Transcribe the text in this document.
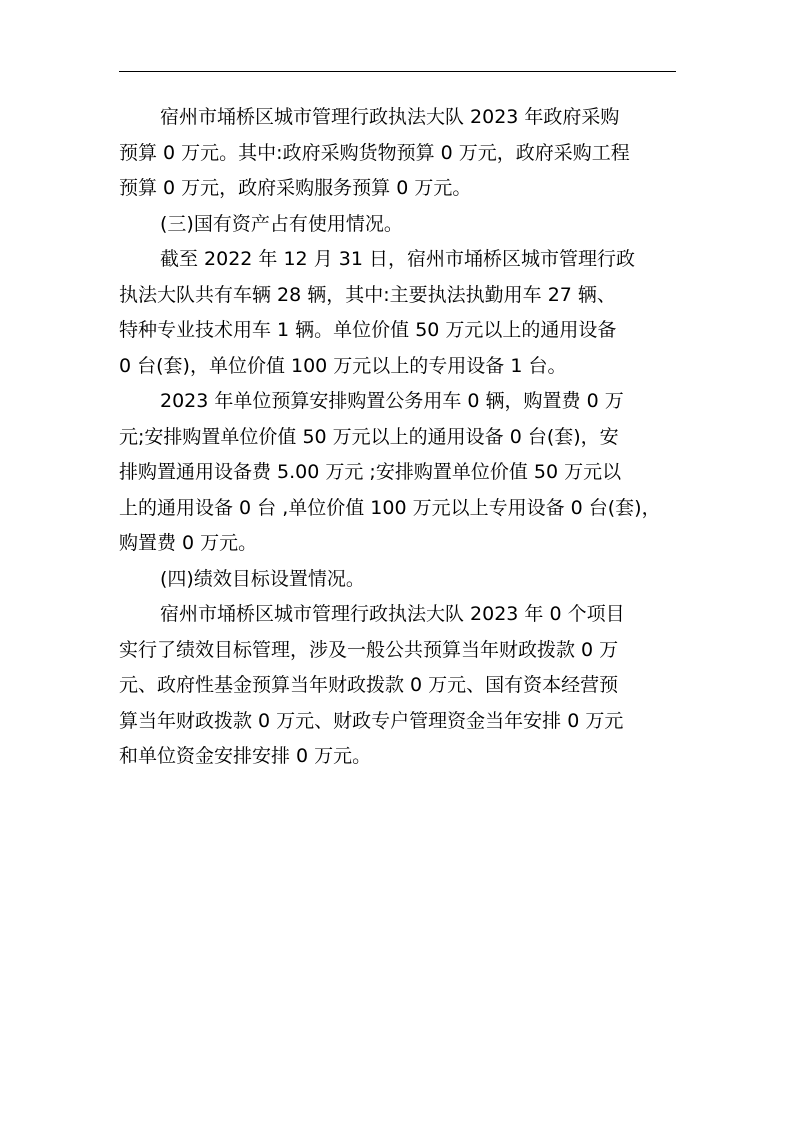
宿州市埇桥区城市管理行政执法大队 2023 年政府采购
预算 0 万元。其中:政府采购货物预算 0 万元，政府采购工程
预算 0 万元，政府采购服务预算 0 万元。
(三)国有资产占有使用情况。
截至 2022 年 12 月 31 日，宿州市埇桥区城市管理行政
执法大队共有车辆 28 辆，其中:主要执法执勤用车 27 辆、
特种专业技术用车 1 辆。单位价值 50 万元以上的通用设备
0 台(套)，单位价值 100 万元以上的专用设备 1 台。
2023 年单位预算安排购置公务用车 0 辆，购置费 0 万
元;安排购置单位价值 50 万元以上的通用设备 0 台(套)，安
排购置通用设备费 5.00 万元 ;安排购置单位价值 50 万元以
上的通用设备 0 台 ,单位价值 100 万元以上专用设备 0 台(套)，
购置费 0 万元。
(四)绩效目标设置情况。
宿州市埇桥区城市管理行政执法大队 2023 年 0 个项目
实行了绩效目标管理，涉及一般公共预算当年财政拨款 0 万
元、政府性基金预算当年财政拨款 0 万元、国有资本经营预
算当年财政拨款 0 万元、财政专户管理资金当年安排 0 万元
和单位资金安排安排 0 万元。
